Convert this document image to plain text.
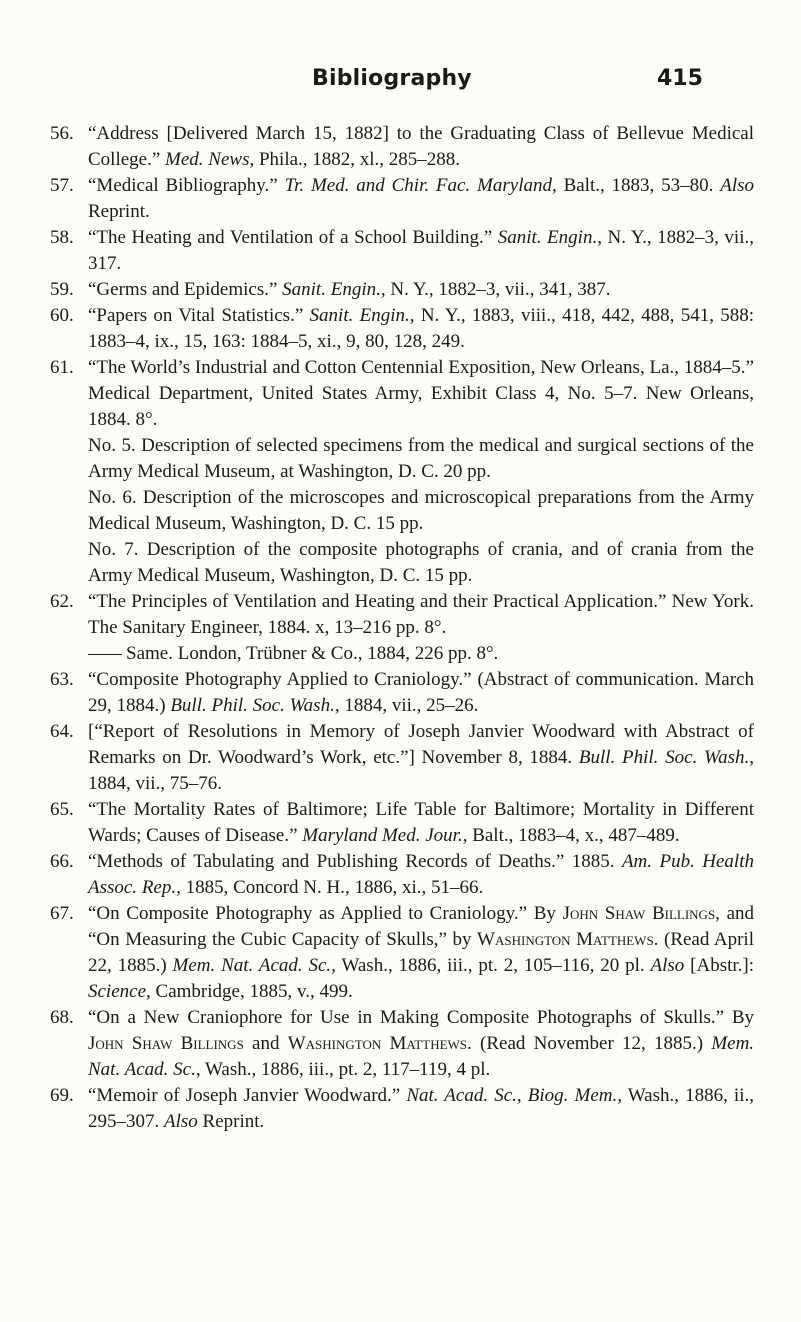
Bibliography	415
56. “Address [Delivered March 15, 1882] to the Graduating Class of Bellevue Medical College.” Med. News, Phila., 1882, xl., 285–288.
57. “Medical Bibliography.” Tr. Med. and Chir. Fac. Maryland, Balt., 1883, 53–80. Also Reprint.
58. “The Heating and Ventilation of a School Building.” Sanit. Engin., N. Y., 1882–3, vii., 317.
59. “Germs and Epidemics.” Sanit. Engin., N. Y., 1882–3, vii., 341, 387.
60. “Papers on Vital Statistics.” Sanit. Engin., N. Y., 1883, viii., 418, 442, 488, 541, 588: 1883–4, ix., 15, 163: 1884–5, xi., 9, 80, 128, 249.
61. “The World’s Industrial and Cotton Centennial Exposition, New Orleans, La., 1884–5.” Medical Department, United States Army, Exhibit Class 4, No. 5–7. New Orleans, 1884. 8°.
No. 5. Description of selected specimens from the medical and surgical sections of the Army Medical Museum, at Washington, D. C. 20 pp.
No. 6. Description of the microscopes and microscopical preparations from the Army Medical Museum, Washington, D. C. 15 pp.
No. 7. Description of the composite photographs of crania, and of crania from the Army Medical Museum, Washington, D. C. 15 pp.
62. “The Principles of Ventilation and Heating and their Practical Application.” New York. The Sanitary Engineer, 1884. x, 13–216 pp. 8°.
Same. London, Trübner & Co., 1884, 226 pp. 8°.
63. “Composite Photography Applied to Craniology.” (Abstract of communication. March 29, 1884.) Bull. Phil. Soc. Wash., 1884, vii., 25–26.
64. [“Report of Resolutions in Memory of Joseph Janvier Woodward with Abstract of Remarks on Dr. Woodward’s Work, etc.”] November 8, 1884. Bull. Phil. Soc. Wash., 1884, vii., 75–76.
65. “The Mortality Rates of Baltimore; Life Table for Baltimore; Mortality in Different Wards; Causes of Disease.” Maryland Med. Jour., Balt., 1883–4, x., 487–489.
66. “Methods of Tabulating and Publishing Records of Deaths.” 1885. Am. Pub. Health Assoc. Rep., 1885, Concord N. H., 1886, xi., 51–66.
67. “On Composite Photography as Applied to Craniology.” By John Shaw Billings, and “On Measuring the Cubic Capacity of Skulls,” by Washington Matthews. (Read April 22, 1885.) Mem. Nat. Acad. Sc., Wash., 1886, iii., pt. 2, 105–116, 20 pl. Also [Abstr.]: Science, Cambridge, 1885, v., 499.
68. “On a New Craniophore for Use in Making Composite Photographs of Skulls.” By John Shaw Billings and Washington Matthews. (Read November 12, 1885.) Mem. Nat. Acad. Sc., Wash., 1886, iii., pt. 2, 117–119, 4 pl.
69. “Memoir of Joseph Janvier Woodward.” Nat. Acad. Sc., Biog. Mem., Wash., 1886, ii., 295–307. Also Reprint.
